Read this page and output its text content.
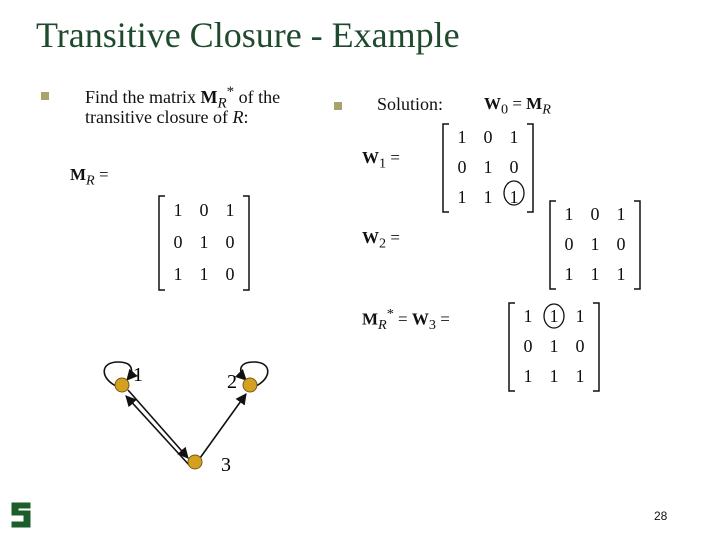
Transitive Closure - Example
Find the matrix $M_R^*$ of the
transitive closure of R:
$M_R$ =
Solution: $W_0 = M_R$
$W_1$ =
$W_2$ =
$M_R^* = W_3$ =
1 0 1
0 1 0
1 1 0
1 0 1
0 1 0
1 1 1
1 0 1
0 1 0
1 1 1
1 1 1
0 1 0
1 1 1
1	2
3
28
